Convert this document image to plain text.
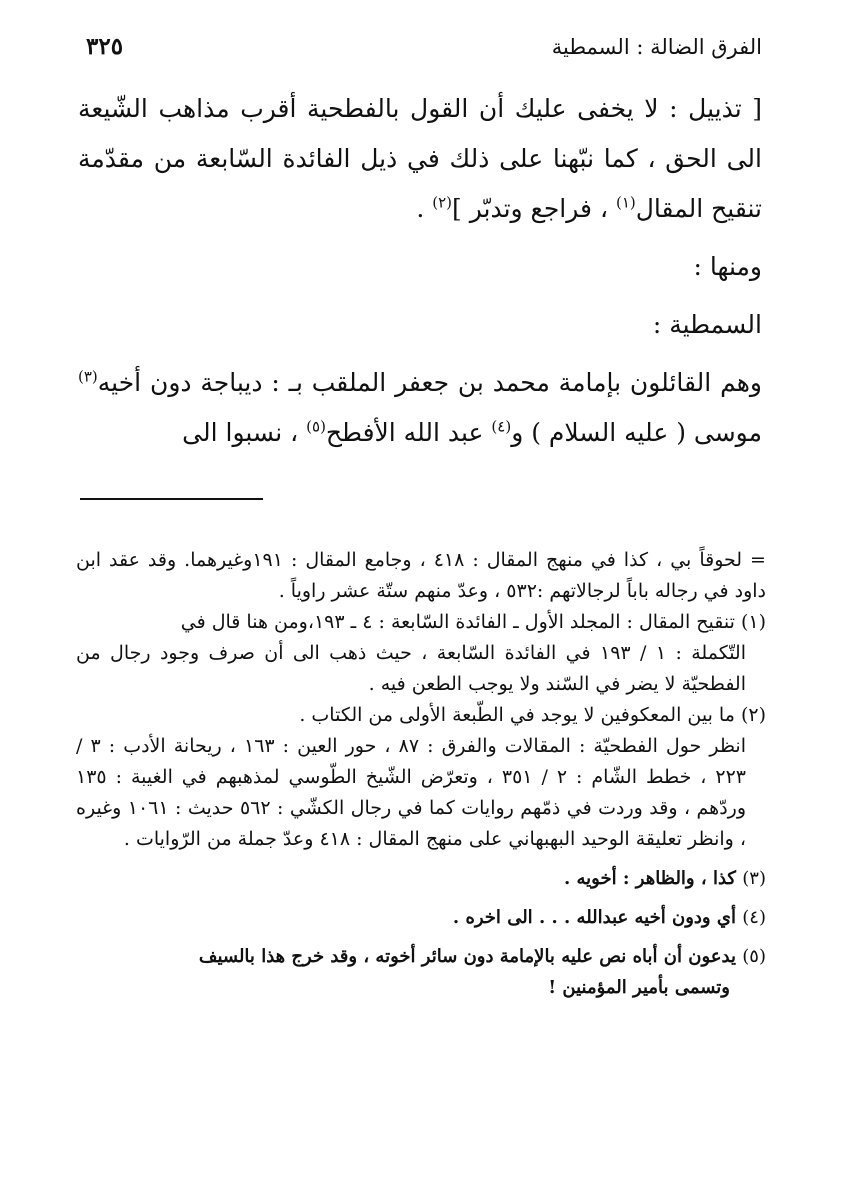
الفرق الضالة : السمطية
٣٢٥

[ تذييل : لا يخفى عليك أن القول بالفطحية أقرب مذاهب الشّيعة الى الحق ، كما نبّهنا على ذلك في ذيل الفائدة السّابعة من مقدّمة تنقيح المقال$^{(١)}$ ، فراجع وتدبّر ]$^{(٢)}$ .

ومنها :

السمطية :

وهم القائلون بإمامة محمد بن جعفر الملقب بـ : ديباجة دون أخيه$^{(٣)}$ موسى ( عليه السلام ) و$^{(٤)}$ عبد الله الأفطح$^{(٥)}$ ، نسبوا الى

= لحوقاً بي ، كذا في منهج المقال : ٤١٨ ، وجامع المقال : ١٩١وغيرهما. وقد عقد ابن داود في رجاله باباً لرجالاتهم :٥٣٢ ، وعدّ منهم ستّة عشر راوياً .

(١) تنقيح المقال : المجلد الأول ـ الفائدة السّابعة : ٤ ـ ١٩٣،ومن هنا قال في

التّكملة : ١ / ١٩٣ في الفائدة السّابعة ، حيث ذهب الى أن صرف وجود رجال من الفطحيّة لا يضر في السّند ولا يوجب الطعن فيه .

(٢) ما بين المعكوفين لا يوجد في الطّبعة الأولى من الكتاب .

انظر حول الفطحيّة : المقالات والفرق : ٨٧ ، حور العين : ١٦٣ ، ريحانة الأدب : ٣ / ٢٢٣ ، خطط الشّام : ٢ / ٣٥١ ، وتعرّض الشّيخ الطّوسي لمذهبهم في الغيبة : ١٣٥ وردّهم ، وقد وردت في ذمّهم روايات كما في رجال الكشّي : ٥٦٢ حديث : ١٠٦١ وغيره ، وانظر تعليقة الوحيد البهبهاني على منهج المقال : ٤١٨ وعدّ جملة من الرّوايات .

(٣) كذا ، والظاهر : أخويه .

(٤) أي ودون أخيه عبدالله . . . الى اخره .

(٥) يدعون أن أباه نص عليه بالإمامة دون سائر أخوته ، وقد خرج هذا بالسيف

وتسمى بأمير المؤمنين !
